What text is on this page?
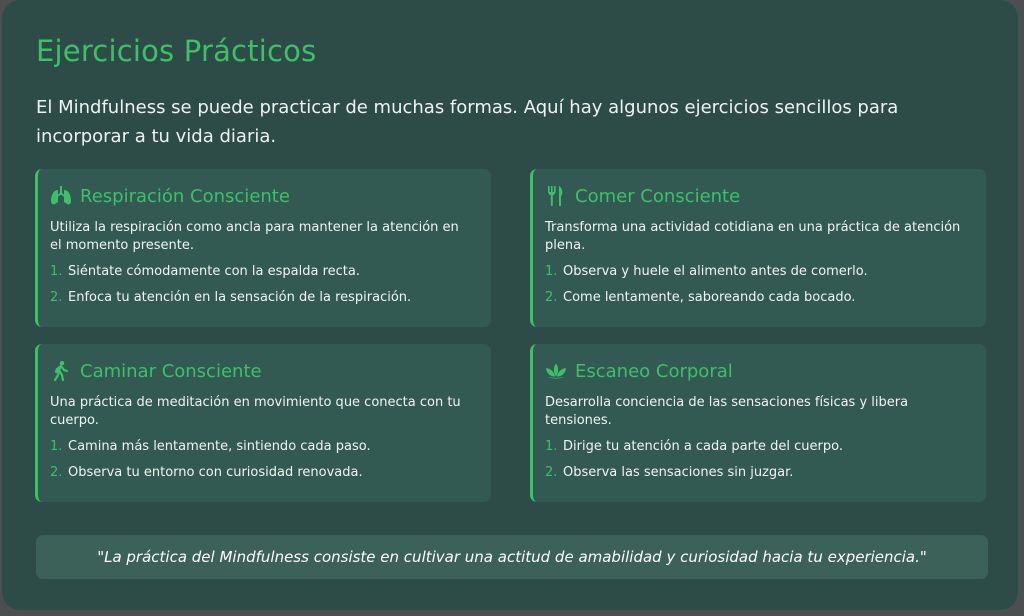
Ejercicios Prácticos

El Mindfulness se puede practicar de muchas formas. Aquí hay algunos ejercicios sencillos para incorporar a tu vida diaria.

Respiración Consciente

Utiliza la respiración como ancla para mantener la atención en el momento presente.

1. Siéntate cómodamente con la espalda recta.
2. Enfoca tu atención en la sensación de la respiración.
Comer Consciente

Transforma una actividad cotidiana en una práctica de atención plena.

1. Observa y huele el alimento antes de comerlo.
2. Come lentamente, saboreando cada bocado.
Caminar Consciente

Una práctica de meditación en movimiento que conecta con tu cuerpo.

1. Camina más lentamente, sintiendo cada paso.
2. Observa tu entorno con curiosidad renovada.
Escaneo Corporal

Desarrolla conciencia de las sensaciones físicas y libera tensiones.

1. Dirige tu atención a cada parte del cuerpo.
2. Observa las sensaciones sin juzgar.
"La práctica del Mindfulness consiste en cultivar una actitud de amabilidad y curiosidad hacia tu experiencia."
